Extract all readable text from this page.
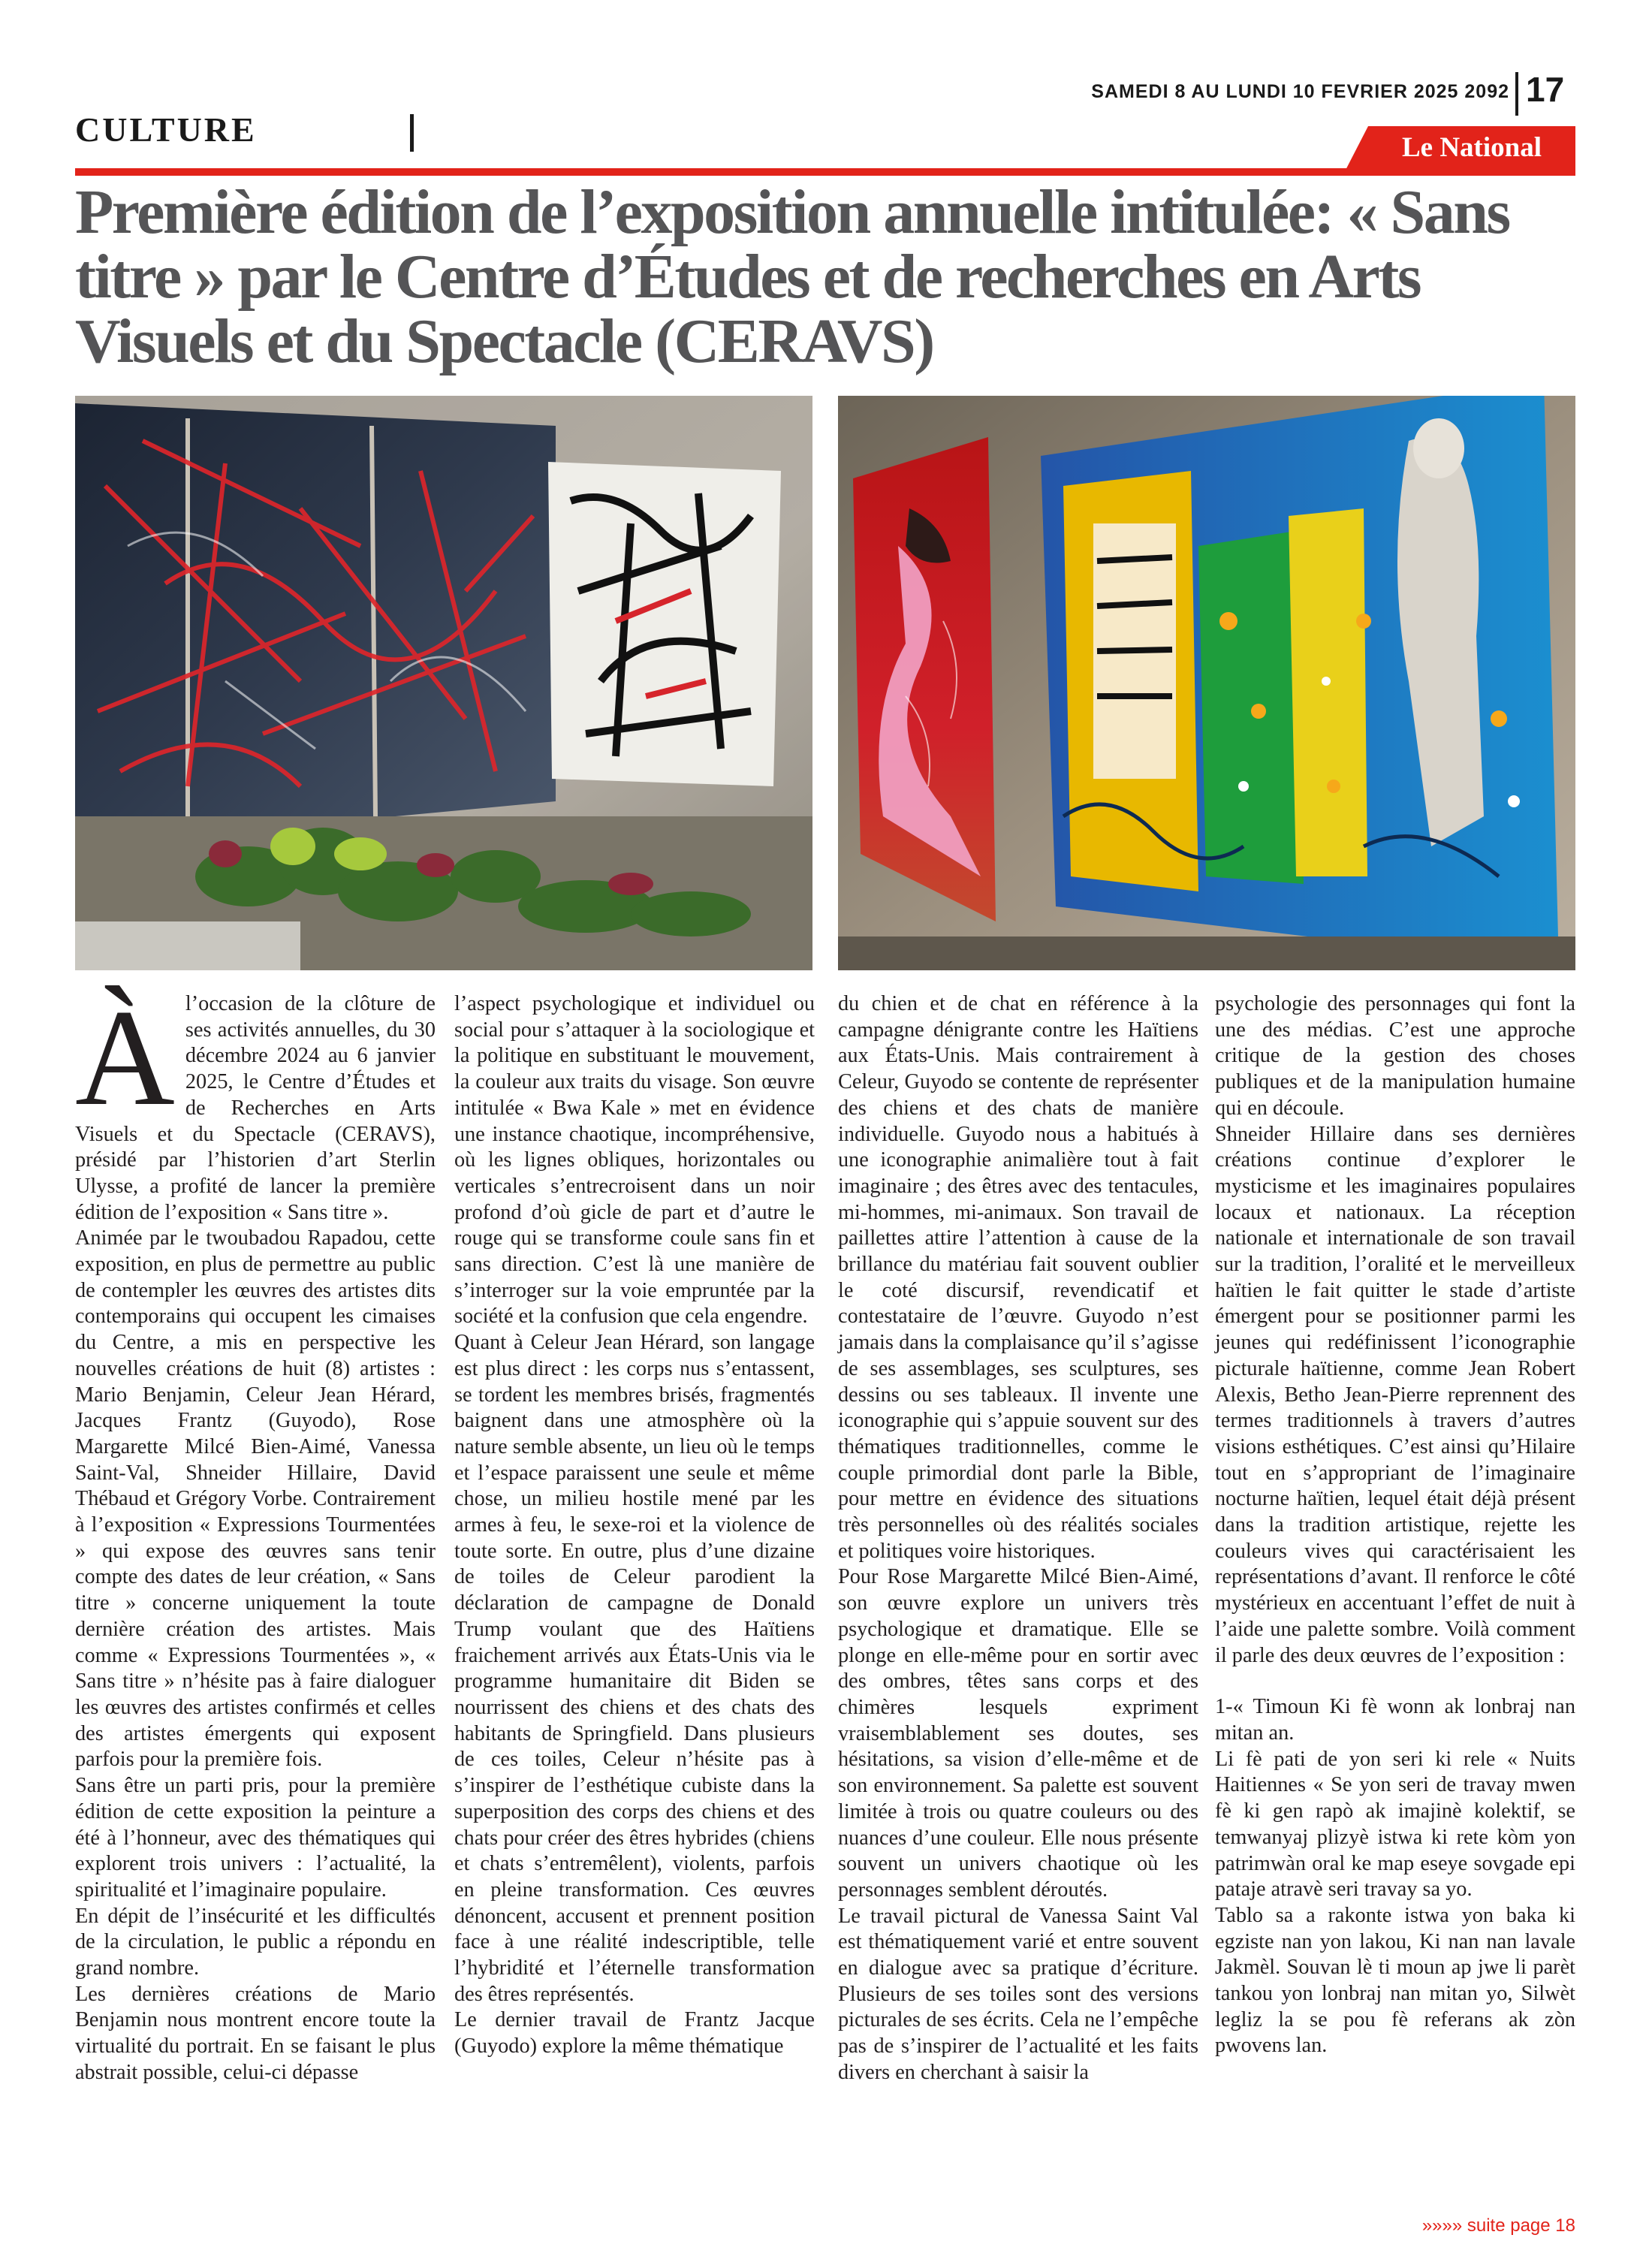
CULTURE
SAMEDI 8 AU LUNDI 10 FEVRIER 2025 2092 17
Le National
Première édition de l’exposition annuelle intitulée: « Sans titre » par le Centre d’Études et de recherches en Arts Visuels et du Spectacle (CERAVS)
À l’occasion de la clôture de ses activités annuelles, du 30 décembre 2024 au 6 janvier 2025, le Centre d’Études et de Recherches en Arts Visuels et du Spectacle (CERAVS), présidé par l’historien d’art Sterlin Ulysse, a profité de lancer la première édition de l’exposition « Sans titre ».

Animée par le twoubadou Rapadou, cette exposition, en plus de permettre au public de contempler les œuvres des artistes dits contemporains qui occupent les cimaises du Centre, a mis en perspective les nouvelles créations de huit (8) artistes : Mario Benjamin, Celeur Jean Hérard, Jacques Frantz (Guyodo), Rose Margarette Milcé Bien-Aimé, Vanessa Saint-Val, Shneider Hillaire, David Thébaud et Grégory Vorbe. Contrairement à l’exposition « Expressions Tourmentées » qui expose des œuvres sans tenir compte des dates de leur création, « Sans titre » concerne uniquement la toute dernière création des artistes. Mais comme « Expressions Tourmentées », « Sans titre » n’hésite pas à faire dialoguer les œuvres des artistes confirmés et celles des artistes émergents qui exposent parfois pour la première fois.

Sans être un parti pris, pour la première édition de cette exposition la peinture a été à l’honneur, avec des thématiques qui explorent trois univers : l’actualité, la spiritualité et l’imaginaire populaire.

En dépit de l’insécurité et les difficultés de la circulation, le public a répondu en grand nombre.

Les dernières créations de Mario Benjamin nous montrent encore toute la virtualité du portrait. En se faisant le plus abstrait possible, celui-ci dépasse

l’aspect psychologique et individuel ou social pour s’attaquer à la sociologique et la politique en substituant le mouvement, la couleur aux traits du visage. Son œuvre intitulée « Bwa Kale » met en évidence une instance chaotique, incompréhensive, où les lignes obliques, horizontales ou verticales s’entrecroisent dans un noir profond d’où gicle de part et d’autre le rouge qui se transforme coule sans fin et sans direction. C’est là une manière de s’interroger sur la voie empruntée par la société et la confusion que cela engendre.

Quant à Celeur Jean Hérard, son langage est plus direct : les corps nus s’entassent, se tordent les membres brisés, fragmentés baignent dans une atmosphère où la nature semble absente, un lieu où le temps et l’espace paraissent une seule et même chose, un milieu hostile mené par les armes à feu, le sexe-roi et la violence de toute sorte. En outre, plus d’une dizaine de toiles de Celeur parodient la déclaration de campagne de Donald Trump voulant que des Haïtiens fraichement arrivés aux États-Unis via le programme humanitaire dit Biden se nourrissent des chiens et des chats des habitants de Springfield. Dans plusieurs de ces toiles, Celeur n’hésite pas à s’inspirer de l’esthétique cubiste dans la superposition des corps des chiens et des chats pour créer des êtres hybrides (chiens et chats s’entremêlent), violents, parfois en pleine transformation. Ces œuvres dénoncent, accusent et prennent position face à une réalité indescriptible, telle l’hybridité et l’éternelle transformation des êtres représentés.

Le dernier travail de Frantz Jacque (Guyodo) explore la même thématique

du chien et de chat en référence à la campagne dénigrante contre les Haïtiens aux États-Unis. Mais contrairement à Celeur, Guyodo se contente de représenter des chiens et des chats de manière individuelle. Guyodo nous a habitués à une iconographie animalière tout à fait imaginaire ; des êtres avec des tentacules, mi-hommes, mi-animaux. Son travail de paillettes attire l’attention à cause de la brillance du matériau fait souvent oublier le coté discursif, revendicatif et contestataire de l’œuvre. Guyodo n’est jamais dans la complaisance qu’il s’agisse de ses assemblages, ses sculptures, ses dessins ou ses tableaux. Il invente une iconographie qui s’appuie souvent sur des thématiques traditionnelles, comme le couple primordial dont parle la Bible, pour mettre en évidence des situations très personnelles où des réalités sociales et politiques voire historiques.

Pour Rose Margarette Milcé Bien-Aimé, son œuvre explore un univers très psychologique et dramatique. Elle se plonge en elle-même pour en sortir avec des ombres, têtes sans corps et des chimères lesquels expriment vraisemblablement ses doutes, ses hésitations, sa vision d’elle-même et de son environnement. Sa palette est souvent limitée à trois ou quatre couleurs ou des nuances d’une couleur. Elle nous présente souvent un univers chaotique où les personnages semblent déroutés.

Le travail pictural de Vanessa Saint Val est thématiquement varié et entre souvent en dialogue avec sa pratique d’écriture. Plusieurs de ses toiles sont des versions picturales de ses écrits. Cela ne l’empêche pas de s’inspirer de l’actualité et les faits divers en cherchant à saisir la

psychologie des personnages qui font la une des médias. C’est une approche critique de la gestion des choses publiques et de la manipulation humaine qui en découle.

Shneider Hillaire dans ses dernières créations continue d’explorer le mysticisme et les imaginaires populaires locaux et nationaux. La réception nationale et internationale de son travail sur la tradition, l’oralité et le merveilleux haïtien le fait quitter le stade d’artiste émergent pour se positionner parmi les jeunes qui redéfinissent l’iconographie picturale haïtienne, comme Jean Robert Alexis, Betho Jean-Pierre reprennent des termes traditionnels à travers d’autres visions esthétiques. C’est ainsi qu’Hilaire tout en s’appropriant de l’imaginaire nocturne haïtien, lequel était déjà présent dans la tradition artistique, rejette les couleurs vives qui caractérisaient les représentations d’avant. Il renforce le côté mystérieux en accentuant l’effet de nuit à l’aide une palette sombre. Voilà comment il parle des deux œuvres de l’exposition :

1-« Timoun Ki fè wonn ak lonbraj nan mitan an.

Li fè pati de yon seri ki rele « Nuits Haitiennes « Se yon seri de travay mwen fè ki gen rapò ak imajinè kolektif, se temwanyaj plizyè istwa ki rete kòm yon patrimwàn oral ke map eseye sovgade epi pataje atravè seri travay sa yo.

Tablo sa a rakonte istwa yon baka ki egziste nan yon lakou, Ki nan nan lavale Jakmèl. Souvan lè ti moun ap jwe li parèt tankou yon lonbraj nan mitan yo, Silwèt legliz la se pou fè referans ak zòn pwovens lan.

»»»» suite page 18
